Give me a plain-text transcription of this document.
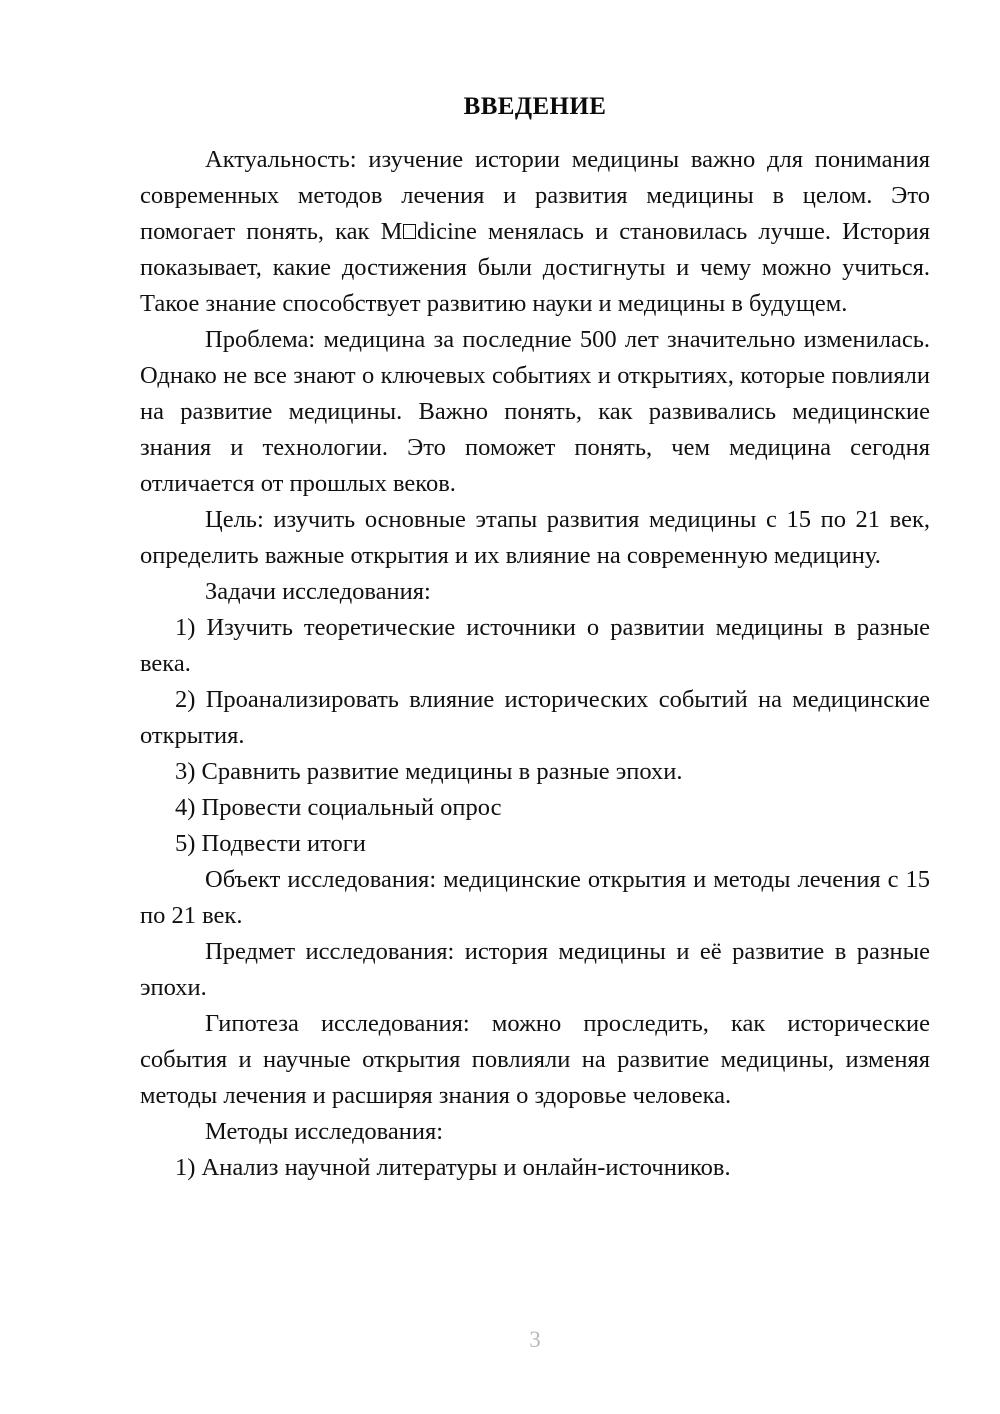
ВВЕДЕНИЕ

Актуальность: изучение истории медицины важно для понимания современных методов лечения и развития медицины в целом. Это помогает понять, как M dicine менялась и становилась лучше. История показывает, какие достижения были достигнуты и чему можно учиться. Такое знание способствует развитию науки и медицины в будущем.

Проблема: медицина за последние 500 лет значительно изменилась. Однако не все знают о ключевых событиях и открытиях, которые повлияли на развитие медицины. Важно понять, как развивались медицинские знания и технологии. Это поможет понять, чем медицина сегодня отличается от прошлых веков.

Цель: изучить основные этапы развития медицины с 15 по 21 век, определить важные открытия и их влияние на современную медицину.

Задачи исследования:

1) Изучить теоретические источники о развитии медицины в разные века.

2) Проанализировать влияние исторических событий на медицинские открытия.

3) Сравнить развитие медицины в разные эпохи.

4) Провести социальный опрос

5) Подвести итоги

Объект исследования: медицинские открытия и методы лечения с 15 по 21 век.

Предмет исследования: история медицины и её развитие в разные эпохи.

Гипотеза исследования: можно проследить, как исторические события и научные открытия повлияли на развитие медицины, изменяя методы лечения и расширяя знания о здоровье человека.

Методы исследования:

1) Анализ научной литературы и онлайн-источников.

3
